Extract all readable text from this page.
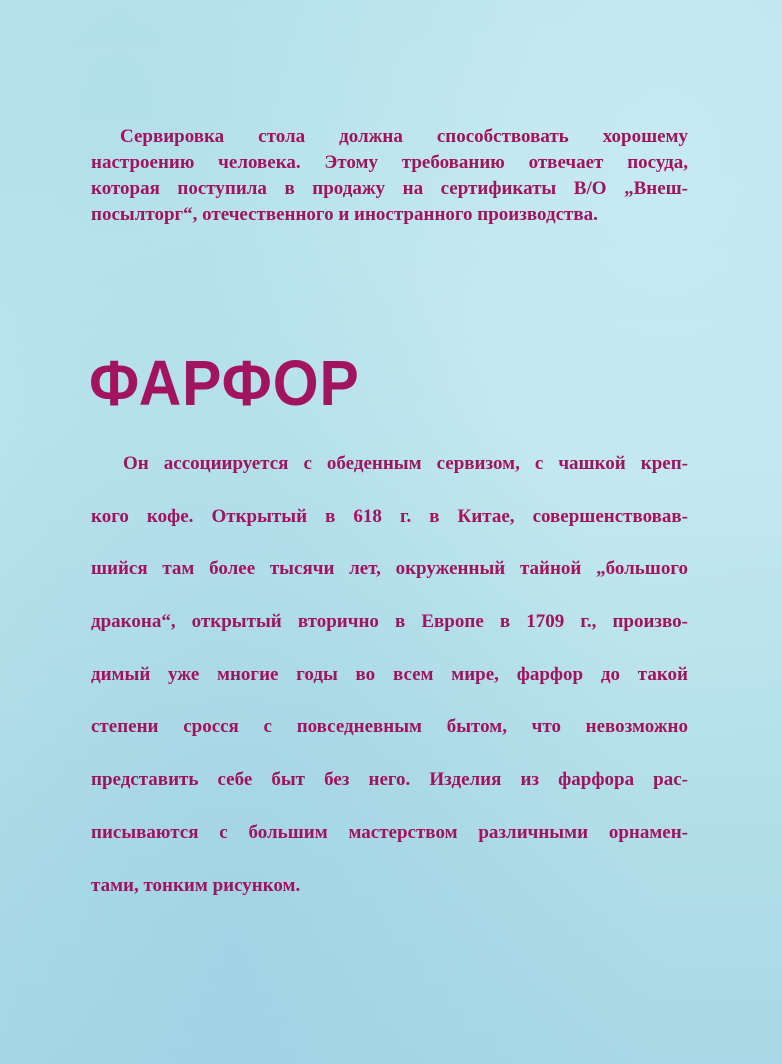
Сервировка стола должна способствовать хорошему
настроению человека. Этому требованию отвечает посуда,
которая поступила в продажу на сертификаты В/О „Внеш-
посылторг“, отечественного и иностранного производства.
ФАРФОР
Он ассоциируется с обеденным сервизом, с чашкой креп-
кого кофе. Открытый в 618 г. в Китае, совершенствовав-
шийся там более тысячи лет, окруженный тайной „большого
дракона“, открытый вторично в Европе в 1709 г., произво-
димый уже многие годы во всем мире, фарфор до такой
степени сросся с повседневным бытом, что невозможно
представить себе быт без него. Изделия из фарфора рас-
писываются с большим мастерством различными орнамен-
тами, тонким рисунком.
